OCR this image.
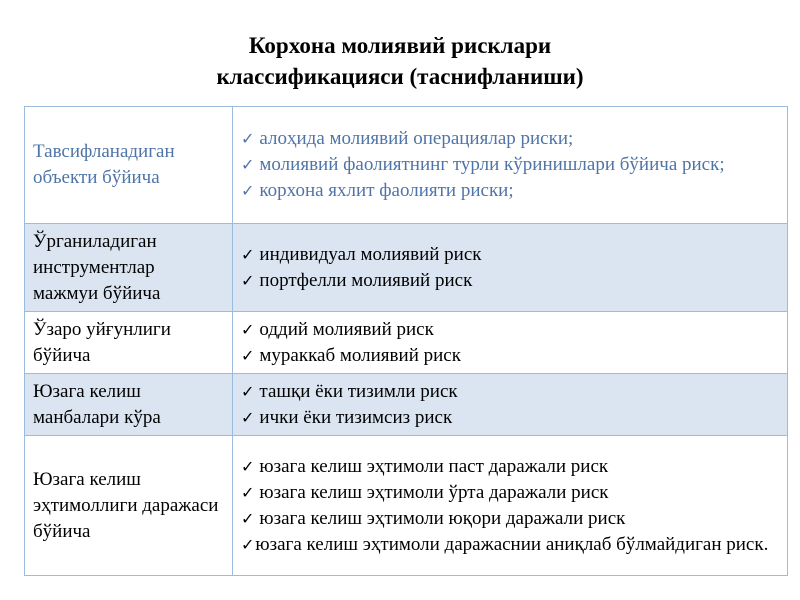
Корхона молиявий рисклари
классификацияси (таснифланиши)
Тавсифланадиган объекти бўйича	✓ алоҳида молиявий операциялар риски;
✓ молиявий фаолиятнинг турли кўринишлари бўйича риск;
✓ корхона яхлит фаолияти риски;

Ўрганиладиган инструментлар мажмуи бўйича	✓ индивидуал молиявий риск
✓ портфелли молиявий риск

Ўзаро уйғунлиги бўйича	✓ оддий молиявий риск
✓ мураккаб молиявий риск

Юзага келиш манбалари кўра	✓ ташқи ёки тизимли риск
✓ ички ёки тизимсиз риск

Юзага келиш эҳтимоллиги даражаси бўйича	✓ юзага келиш эҳтимоли паст даражали риск
✓ юзага келиш эҳтимоли ўрта даражали риск
✓ юзага келиш эҳтимоли юқори даражали риск
✓юзага келиш эҳтимоли даражаснии аниқлаб бўлмайдиган риск.
